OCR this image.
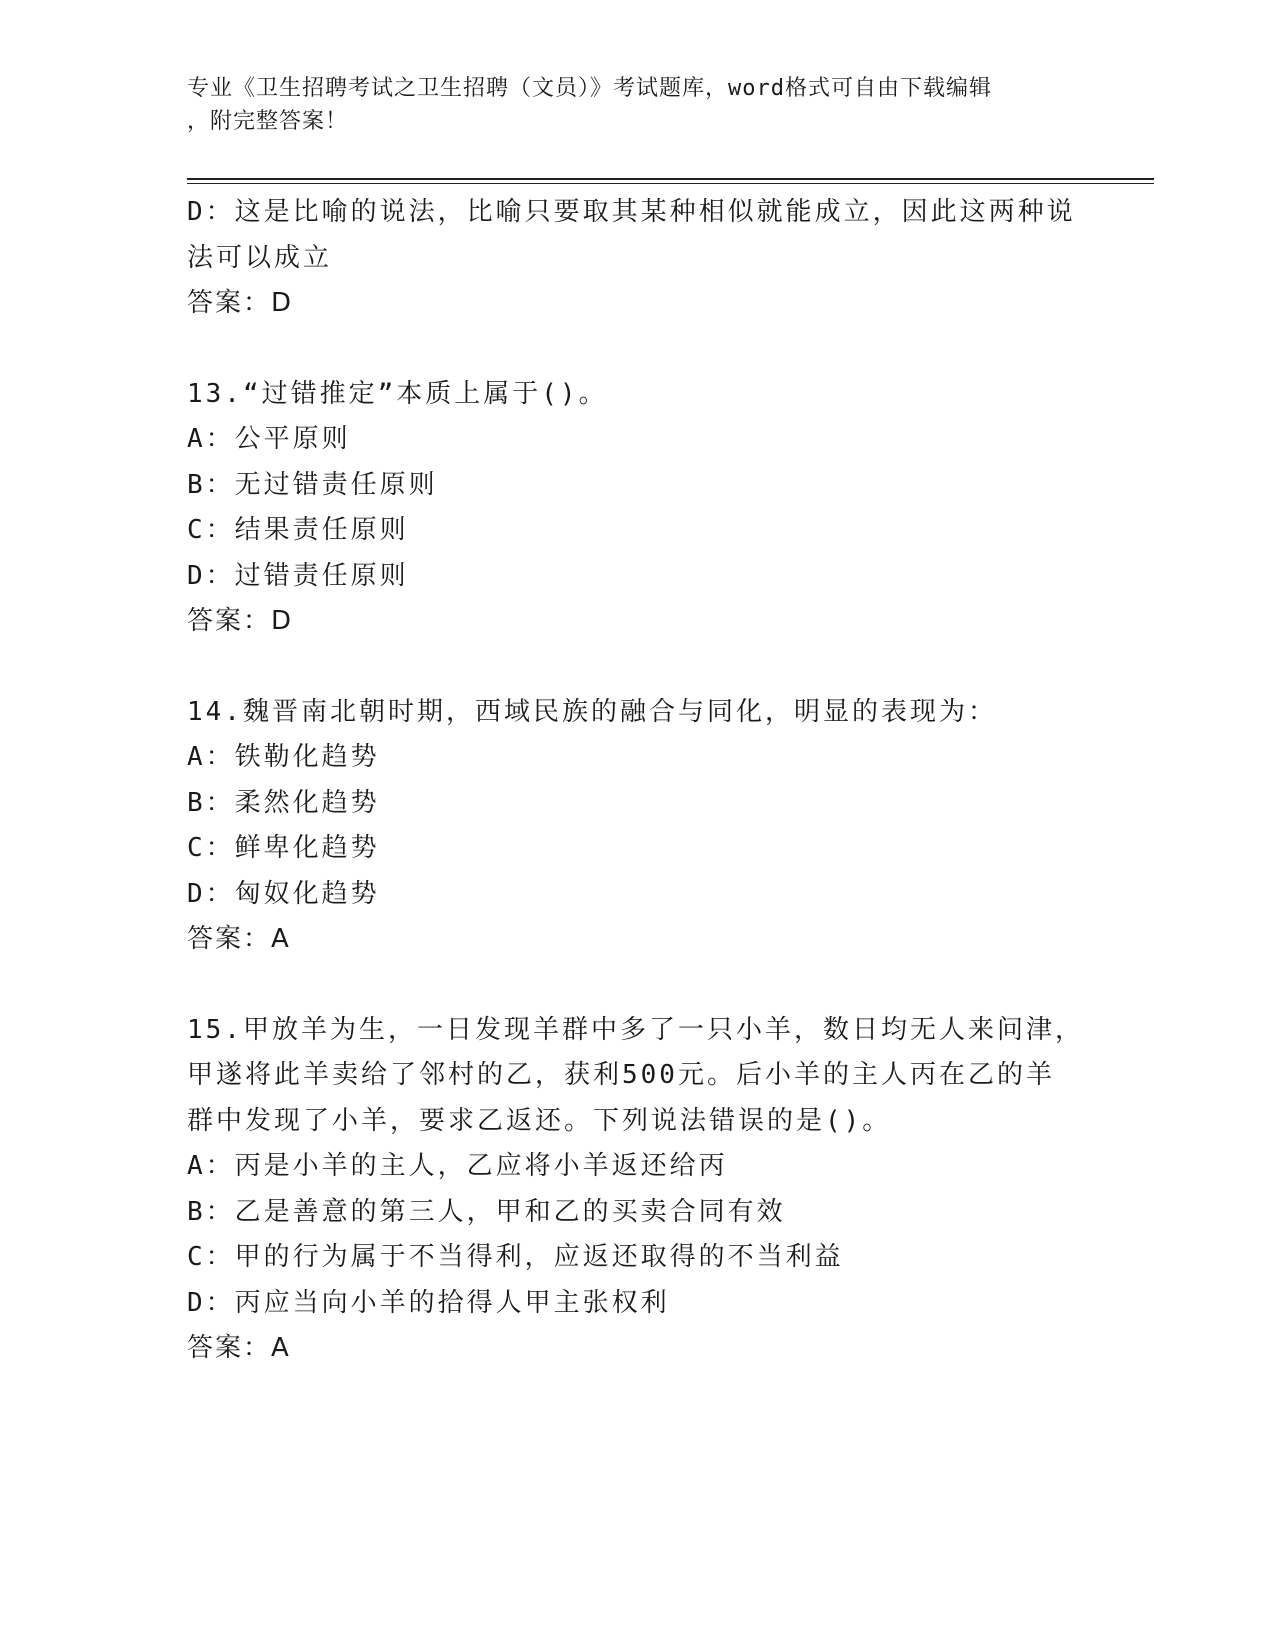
专业《卫生招聘考试之卫生招聘（文员）》考试题库，word格式可自由下载编辑
，附完整答案！
D：这是比喻的说法，比喻只要取其某种相似就能成立，因此这两种说
法可以成立
答案：D
13.“过错推定”本质上属于()。
A：公平原则
B：无过错责任原则
C：结果责任原则
D：过错责任原则
答案：D
14.魏晋南北朝时期，西域民族的融合与同化，明显的表现为：
A：铁勒化趋势
B：柔然化趋势
C：鲜卑化趋势
D：匈奴化趋势
答案：A
15.甲放羊为生，一日发现羊群中多了一只小羊，数日均无人来问津，
甲遂将此羊卖给了邻村的乙，获利500元。后小羊的主人丙在乙的羊
群中发现了小羊，要求乙返还。下列说法错误的是()。
A：丙是小羊的主人，乙应将小羊返还给丙
B：乙是善意的第三人，甲和乙的买卖合同有效
C：甲的行为属于不当得利，应返还取得的不当利益
D：丙应当向小羊的拾得人甲主张权利
答案：A
